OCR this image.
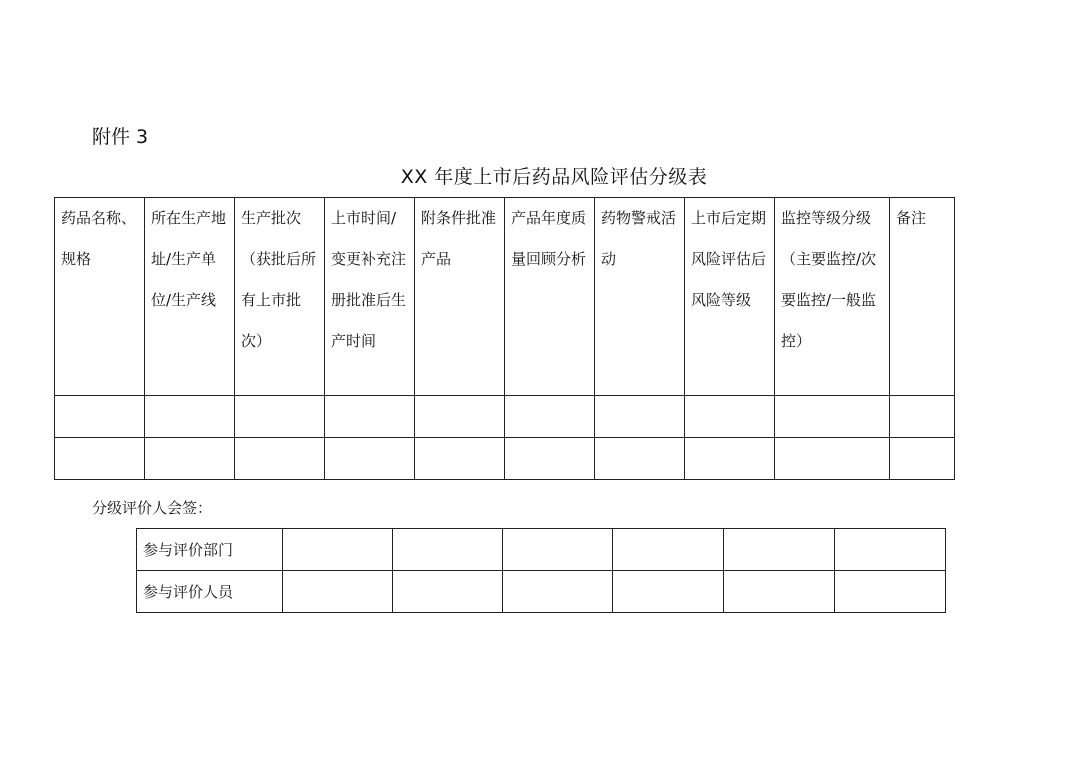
附件 3
XX 年度上市后药品风险评估分级表
药品名称、规格	所在生产地址/生产单位/生产线	生产批次（获批后所有上市批次）	上市时间/变更补充注册批准后生产时间	附条件批准产品	产品年度质量回顾分析	药物警戒活动	上市后定期风险评估后风险等级	监控等级分级（主要监控/次要监控/一般监控）	备注

分级评价人会签：
参与评价部门						
参与评价人员						
